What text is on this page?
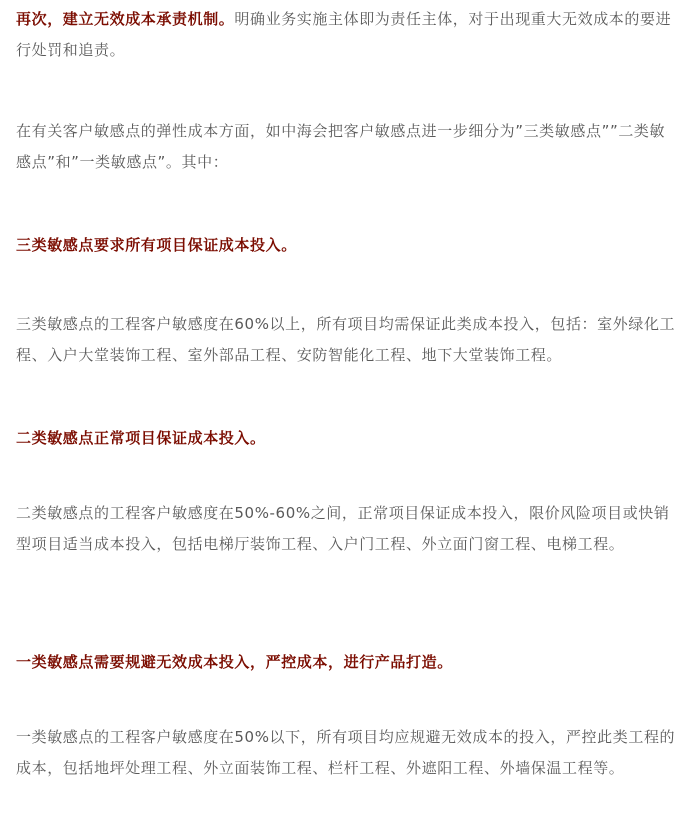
再次，建立无效成本承责机制。明确业务实施主体即为责任主体，对于出现重大无效成本的要进行处罚和追责。

在有关客户敏感点的弹性成本方面，如中海会把客户敏感点进一步细分为”三类敏感点””二类敏感点”和”一类敏感点”。其中：

三类敏感点要求所有项目保证成本投入。

三类敏感点的工程客户敏感度在60%以上，所有项目均需保证此类成本投入，包括：室外绿化工程、入户大堂装饰工程、室外部品工程、安防智能化工程、地下大堂装饰工程。

二类敏感点正常项目保证成本投入。

二类敏感点的工程客户敏感度在50%-60%之间，正常项目保证成本投入，限价风险项目或快销型项目适当成本投入，包括电梯厅装饰工程、入户门工程、外立面门窗工程、电梯工程。

一类敏感点需要规避无效成本投入，严控成本，进行产品打造。

一类敏感点的工程客户敏感度在50%以下，所有项目均应规避无效成本的投入，严控此类工程的成本，包括地坪处理工程、外立面装饰工程、栏杆工程、外遮阳工程、外墙保温工程等。
